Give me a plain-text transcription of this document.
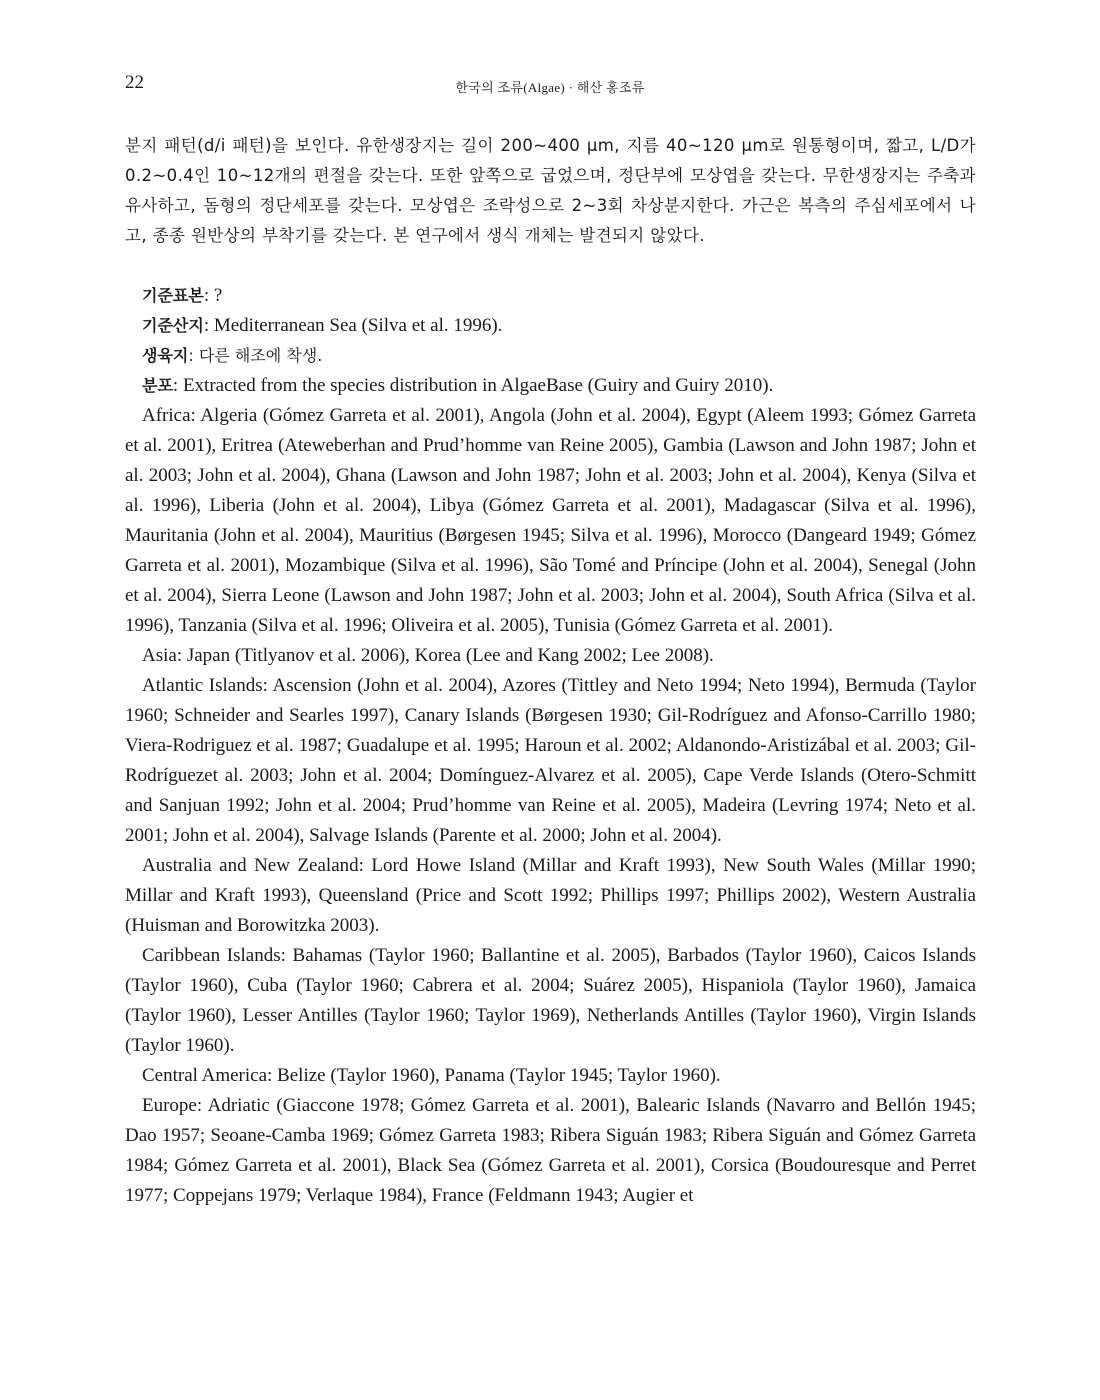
22	한국의 조류(Algae) · 해산 홍조류

분지 패턴(d/i 패턴)을 보인다. 유한생장지는 길이 200~400 μm, 지름 40~120 μm로 원통형이며, 짧고, L/D가 0.2~0.4인 10~12개의 편절을 갖는다. 또한 앞쪽으로 굽었으며, 정단부에 모상엽을 갖는다. 무한생장지는 주축과 유사하고, 돔형의 정단세포를 갖는다. 모상엽은 조락성으로 2~3회 차상분지한다. 가근은 복측의 주심세포에서 나고, 종종 원반상의 부착기를 갖는다. 본 연구에서 생식 개체는 발견되지 않았다.

기준표본: ?

기준산지: Mediterranean Sea (Silva et al. 1996).

생육지: 다른 해조에 착생.

분포: Extracted from the species distribution in AlgaeBase (Guiry and Guiry 2010).

Africa: Algeria (Gómez Garreta et al. 2001), Angola (John et al. 2004), Egypt (Aleem 1993; Gómez Garreta et al. 2001), Eritrea (Ateweberhan and Prud’homme van Reine 2005), Gambia (Lawson and John 1987; John et al. 2003; John et al. 2004), Ghana (Lawson and John 1987; John et al. 2003; John et al. 2004), Kenya (Silva et al. 1996), Liberia (John et al. 2004), Libya (Gómez Garreta et al. 2001), Madagascar (Silva et al. 1996), Mauritania (John et al. 2004), Mauritius (Børgesen 1945; Silva et al. 1996), Morocco (Dangeard 1949; Gómez Garreta et al. 2001), Mozambique (Silva et al. 1996), São Tomé and Príncipe (John et al. 2004), Senegal (John et al. 2004), Sierra Leone (Lawson and John 1987; John et al. 2003; John et al. 2004), South Africa (Silva et al. 1996), Tanzania (Silva et al. 1996; Oliveira et al. 2005), Tunisia (Gómez Garreta et al. 2001).

Asia: Japan (Titlyanov et al. 2006), Korea (Lee and Kang 2002; Lee 2008).

Atlantic Islands: Ascension (John et al. 2004), Azores (Tittley and Neto 1994; Neto 1994), Bermuda (Taylor 1960; Schneider and Searles 1997), Canary Islands (Børgesen 1930; Gil-Rodríguez and Afonso-Carrillo 1980; Viera-Rodriguez et al. 1987; Guadalupe et al. 1995; Haroun et al. 2002; Aldanondo-Aristizábal et al. 2003; Gil-Rodríguezet al. 2003; John et al. 2004; Domínguez-Alvarez et al. 2005), Cape Verde Islands (Otero-Schmitt and Sanjuan 1992; John et al. 2004; Prud’homme van Reine et al. 2005), Madeira (Levring 1974; Neto et al. 2001; John et al. 2004), Salvage Islands (Parente et al. 2000; John et al. 2004).

Australia and New Zealand: Lord Howe Island (Millar and Kraft 1993), New South Wales (Millar 1990; Millar and Kraft 1993), Queensland (Price and Scott 1992; Phillips 1997; Phillips 2002), Western Australia (Huisman and Borowitzka 2003).

Caribbean Islands: Bahamas (Taylor 1960; Ballantine et al. 2005), Barbados (Taylor 1960), Caicos Islands (Taylor 1960), Cuba (Taylor 1960; Cabrera et al. 2004; Suárez 2005), Hispaniola (Taylor 1960), Jamaica (Taylor 1960), Lesser Antilles (Taylor 1960; Taylor 1969), Netherlands Antilles (Taylor 1960), Virgin Islands (Taylor 1960).

Central America: Belize (Taylor 1960), Panama (Taylor 1945; Taylor 1960).

Europe: Adriatic (Giaccone 1978; Gómez Garreta et al. 2001), Balearic Islands (Navarro and Bellón 1945; Dao 1957; Seoane-Camba 1969; Gómez Garreta 1983; Ribera Siguán 1983; Ribera Siguán and Gómez Garreta 1984; Gómez Garreta et al. 2001), Black Sea (Gómez Garreta et al. 2001), Corsica (Boudouresque and Perret 1977; Coppejans 1979; Verlaque 1984), France (Feldmann 1943; Augier et
